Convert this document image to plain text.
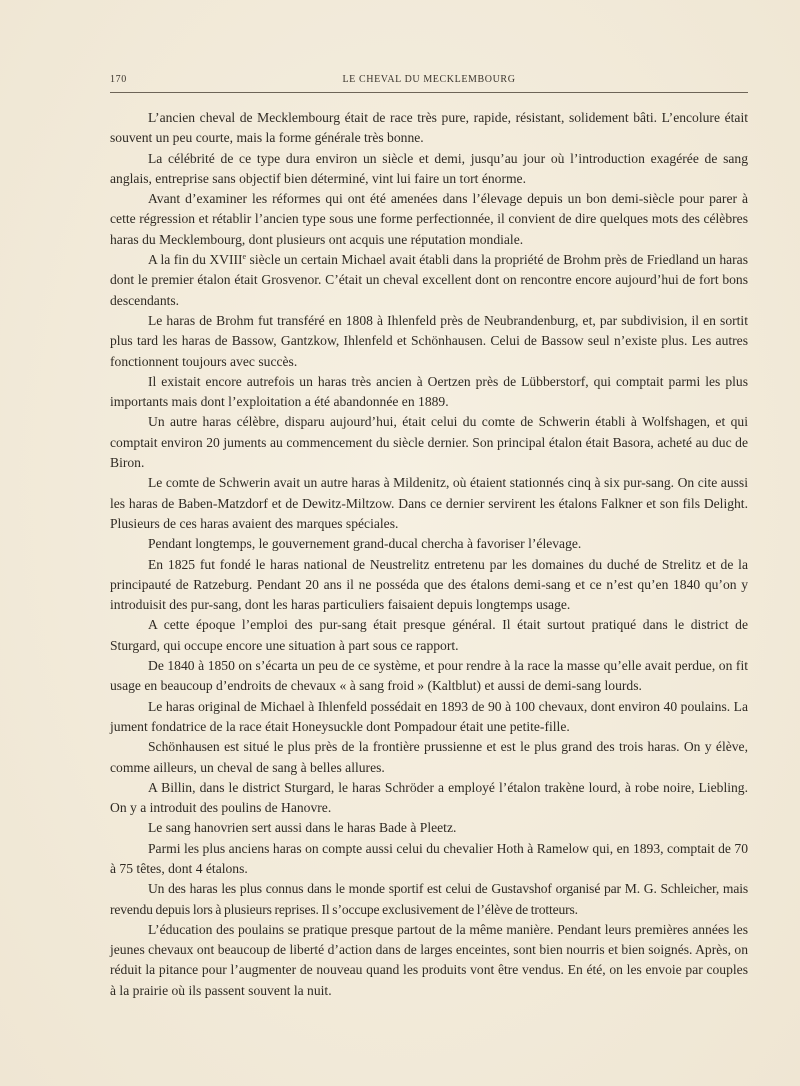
170	LE CHEVAL DU MECKLEMBOURG

L’ancien cheval de Mecklembourg était de race très pure, rapide, résistant, solidement bâti. L’encolure était souvent un peu courte, mais la forme générale très bonne.

La célébrité de ce type dura environ un siècle et demi, jusqu’au jour où l’introduction exagérée de sang anglais, entreprise sans objectif bien déterminé, vint lui faire un tort énorme.

Avant d’examiner les réformes qui ont été amenées dans l’élevage depuis un bon demi-siècle pour parer à cette régression et rétablir l’ancien type sous une forme perfectionnée, il convient de dire quelques mots des célèbres haras du Mecklembourg, dont plusieurs ont acquis une réputation mondiale.

A la fin du XVIIIe siècle un certain Michael avait établi dans la propriété de Brohm près de Friedland un haras dont le premier étalon était Grosvenor. C’était un cheval excellent dont on rencontre encore aujourd’hui de fort bons descendants.

Le haras de Brohm fut transféré en 1808 à Ihlenfeld près de Neubrandenburg, et, par subdivision, il en sortit plus tard les haras de Bassow, Gantzkow, Ihlenfeld et Schönhausen. Celui de Bassow seul n’existe plus. Les autres fonctionnent toujours avec succès.

Il existait encore autrefois un haras très ancien à Oertzen près de Lübberstorf, qui comptait parmi les plus importants mais dont l’exploitation a été abandonnée en 1889.

Un autre haras célèbre, disparu aujourd’hui, était celui du comte de Schwerin établi à Wolfshagen, et qui comptait environ 20 juments au commencement du siècle dernier. Son principal étalon était Basora, acheté au duc de Biron.

Le comte de Schwerin avait un autre haras à Mildenitz, où étaient stationnés cinq à six pur-sang. On cite aussi les haras de Baben-Matzdorf et de Dewitz-Miltzow. Dans ce dernier servirent les étalons Falkner et son fils Delight. Plusieurs de ces haras avaient des marques spéciales.

Pendant longtemps, le gouvernement grand-ducal chercha à favoriser l’élevage.

En 1825 fut fondé le haras national de Neustrelitz entretenu par les domaines du duché de Strelitz et de la principauté de Ratzeburg. Pendant 20 ans il ne posséda que des étalons demi-sang et ce n’est qu’en 1840 qu’on y introduisit des pur-sang, dont les haras particuliers faisaient depuis longtemps usage.

A cette époque l’emploi des pur-sang était presque général. Il était surtout pratiqué dans le district de Sturgard, qui occupe encore une situation à part sous ce rapport.

De 1840 à 1850 on s’écarta un peu de ce système, et pour rendre à la race la masse qu’elle avait perdue, on fit usage en beaucoup d’endroits de chevaux « à sang froid » (Kaltblut) et aussi de demi-sang lourds.

Le haras original de Michael à Ihlenfeld possédait en 1893 de 90 à 100 chevaux, dont environ 40 poulains. La jument fondatrice de la race était Honeysuckle dont Pompadour était une petite-fille.

Schönhausen est situé le plus près de la frontière prussienne et est le plus grand des trois haras. On y élève, comme ailleurs, un cheval de sang à belles allures.

A Billin, dans le district Sturgard, le haras Schröder a employé l’étalon trakène lourd, à robe noire, Liebling. On y a introduit des poulins de Hanovre.

Le sang hanovrien sert aussi dans le haras Bade à Pleetz.

Parmi les plus anciens haras on compte aussi celui du chevalier Hoth à Ramelow qui, en 1893, comptait de 70 à 75 têtes, dont 4 étalons.

Un des haras les plus connus dans le monde sportif est celui de Gustavshof organisé par M. G. Schleicher, mais revendu depuis lors à plusieurs reprises. Il s’occupe exclusivement de l’élève de trotteurs.

L’éducation des poulains se pratique presque partout de la même manière. Pendant leurs premières années les jeunes chevaux ont beaucoup de liberté d’action dans de larges enceintes, sont bien nourris et bien soignés. Après, on réduit la pitance pour l’augmenter de nouveau quand les produits vont être vendus. En été, on les envoie par couples à la prairie où ils passent souvent la nuit.
